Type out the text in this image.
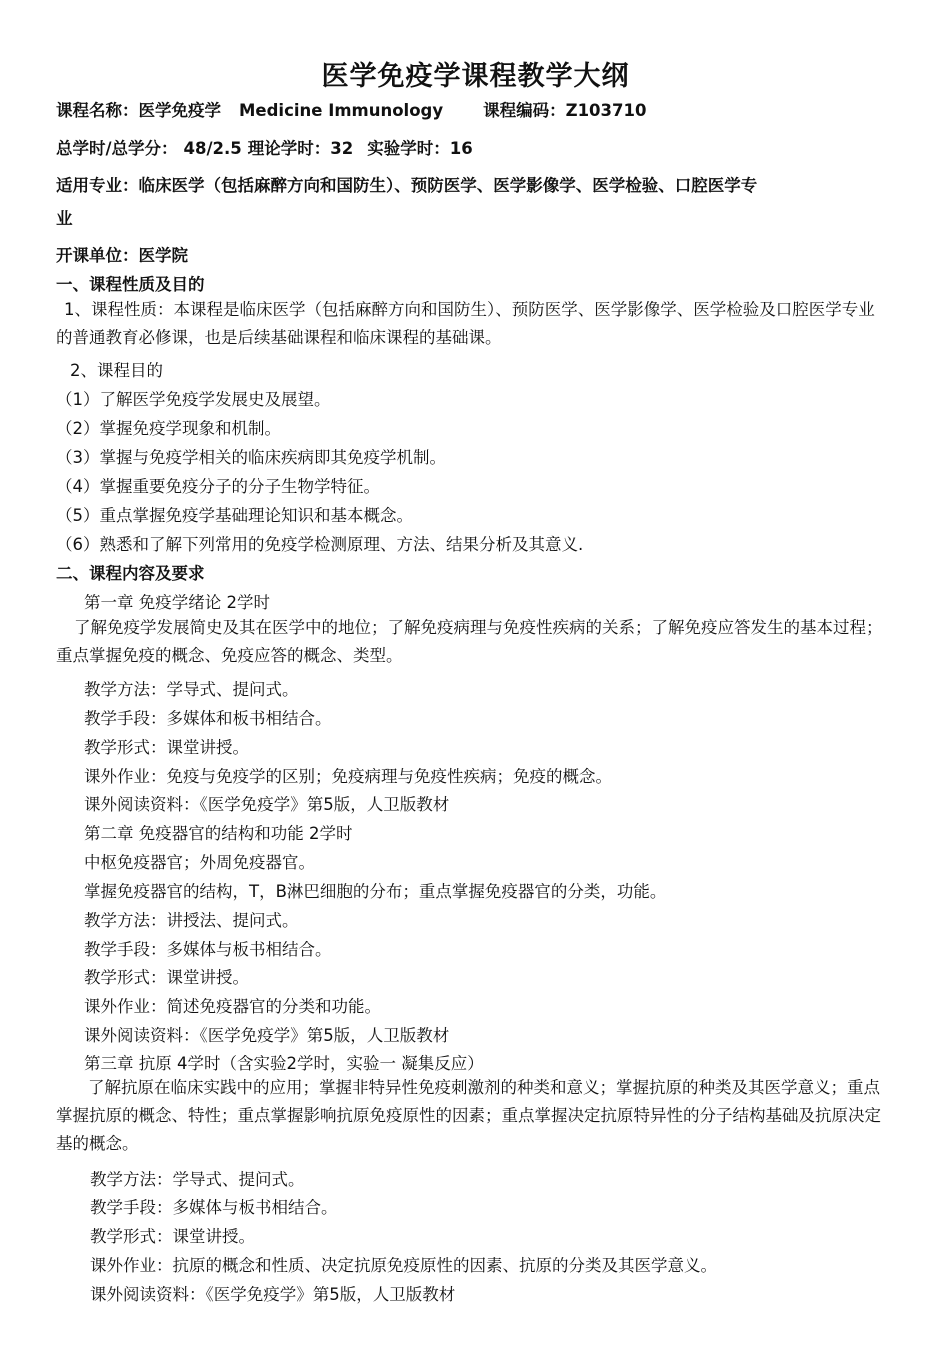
医学免疫学课程教学大纲
课程名称：医学免疫学 Medicine Immunology 课程编码：Z103710
总学时/总学分： 48/2.5 理论学时：32 实验学时：16
适用专业：临床医学（包括麻醉方向和国防生）、预防医学、医学影像学、医学检验、口腔医学专
业
开课单位：医学院
一、课程性质及目的
1、课程性质：本课程是临床医学（包括麻醉方向和国防生）、预防医学、医学影像学、医学检验及口腔医学专业的普通教育必修课，也是后续基础课程和临床课程的基础课。
2、课程目的
（1）了解医学免疫学发展史及展望。
（2）掌握免疫学现象和机制。
（3）掌握与免疫学相关的临床疾病即其免疫学机制。
（4）掌握重要免疫分子的分子生物学特征。
（5）重点掌握免疫学基础理论知识和基本概念。
（6）熟悉和了解下列常用的免疫学检测原理、方法、结果分析及其意义.
二、课程内容及要求
第一章 免疫学绪论 2学时
了解免疫学发展简史及其在医学中的地位；了解免疫病理与免疫性疾病的关系；了解免疫应答发生的基本过程；重点掌握免疫的概念、免疫应答的概念、类型。
教学方法：学导式、提问式。
教学手段：多媒体和板书相结合。
教学形式：课堂讲授。
课外作业：免疫与免疫学的区别；免疫病理与免疫性疾病；免疫的概念。
课外阅读资料：《医学免疫学》第5版，人卫版教材
第二章 免疫器官的结构和功能 2学时
中枢免疫器官；外周免疫器官。
掌握免疫器官的结构，T，B淋巴细胞的分布；重点掌握免疫器官的分类，功能。
教学方法：讲授法、提问式。
教学手段：多媒体与板书相结合。
教学形式：课堂讲授。
课外作业：简述免疫器官的分类和功能。
课外阅读资料：《医学免疫学》第5版，人卫版教材
第三章 抗原 4学时（含实验2学时，实验一 凝集反应）
了解抗原在临床实践中的应用；掌握非特异性免疫刺激剂的种类和意义；掌握抗原的种类及其医学意义；重点掌握抗原的概念、特性；重点掌握影响抗原免疫原性的因素；重点掌握决定抗原特异性的分子结构基础及抗原决定基的概念。
教学方法：学导式、提问式。
教学手段：多媒体与板书相结合。
教学形式：课堂讲授。
课外作业：抗原的概念和性质、决定抗原免疫原性的因素、抗原的分类及其医学意义。
课外阅读资料：《医学免疫学》第5版，人卫版教材
